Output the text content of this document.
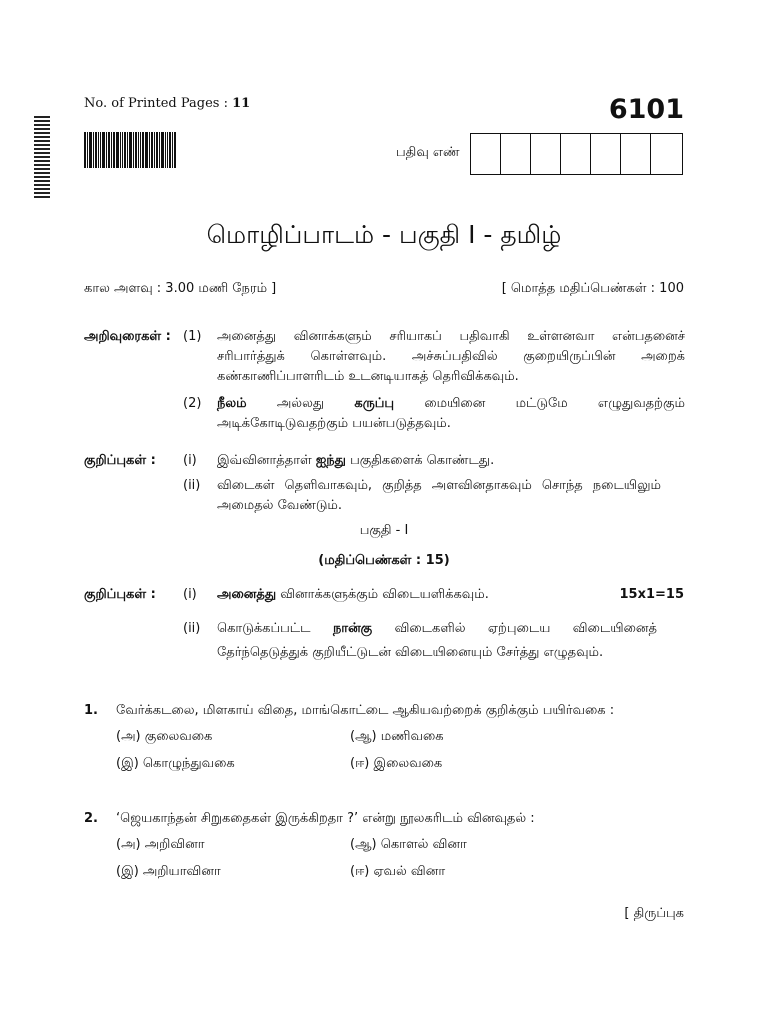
No. of Printed Pages : 11	6101
பதிவு எண்
மொழிப்பாடம் - பகுதி I - தமிழ்
கால அளவு : 3.00 மணி நேரம் ]	[ மொத்த மதிப்பெண்கள் : 100
அறிவுரைகள் : (1) அனைத்து வினாக்களும் சரியாகப் பதிவாகி உள்ளனவா என்பதனைச்
சரிபார்த்துக் கொள்ளவும். அச்சுப்பதிவில் குறையிருப்பின் அறைக்
கண்காணிப்பாளரிடம் உடனடியாகத் தெரிவிக்கவும்.
(2) நீலம் அல்லது கருப்பு மையினை மட்டுமே எழுதுவதற்கும்
அடிக்கோடிடுவதற்கும் பயன்படுத்தவும்.
குறிப்புகள் : (i) இவ்வினாத்தாள் ஐந்து பகுதிகளைக் கொண்டது.
(ii) விடைகள் தெளிவாகவும், குறித்த அளவினதாகவும் சொந்த நடையிலும்
அமைதல் வேண்டும்.
பகுதி - I
(மதிப்பெண்கள் : 15)
குறிப்புகள் : (i) அனைத்து வினாக்களுக்கும் விடையளிக்கவும்.	15x1=15
(ii) கொடுக்கப்பட்ட நான்கு விடைகளில் ஏற்புடைய விடையினைத்
தேர்ந்தெடுத்துக் குறியீட்டுடன் விடையினையும் சேர்த்து எழுதவும்.
1. வேர்க்கடலை, மிளகாய் விதை, மாங்கொட்டை ஆகியவற்றைக் குறிக்கும் பயிர்வகை :
(அ) குலைவகை	(ஆ) மணிவகை
(இ) கொழுந்துவகை	(ஈ) இலைவகை
2. ‘ஜெயகாந்தன் சிறுகதைகள் இருக்கிறதா ?’ என்று நூலகரிடம் வினவுதல் :
(அ) அறிவினா	(ஆ) கொளல் வினா
(இ) அறியாவினா	(ஈ) ஏவல் வினா
[ திருப்புக
